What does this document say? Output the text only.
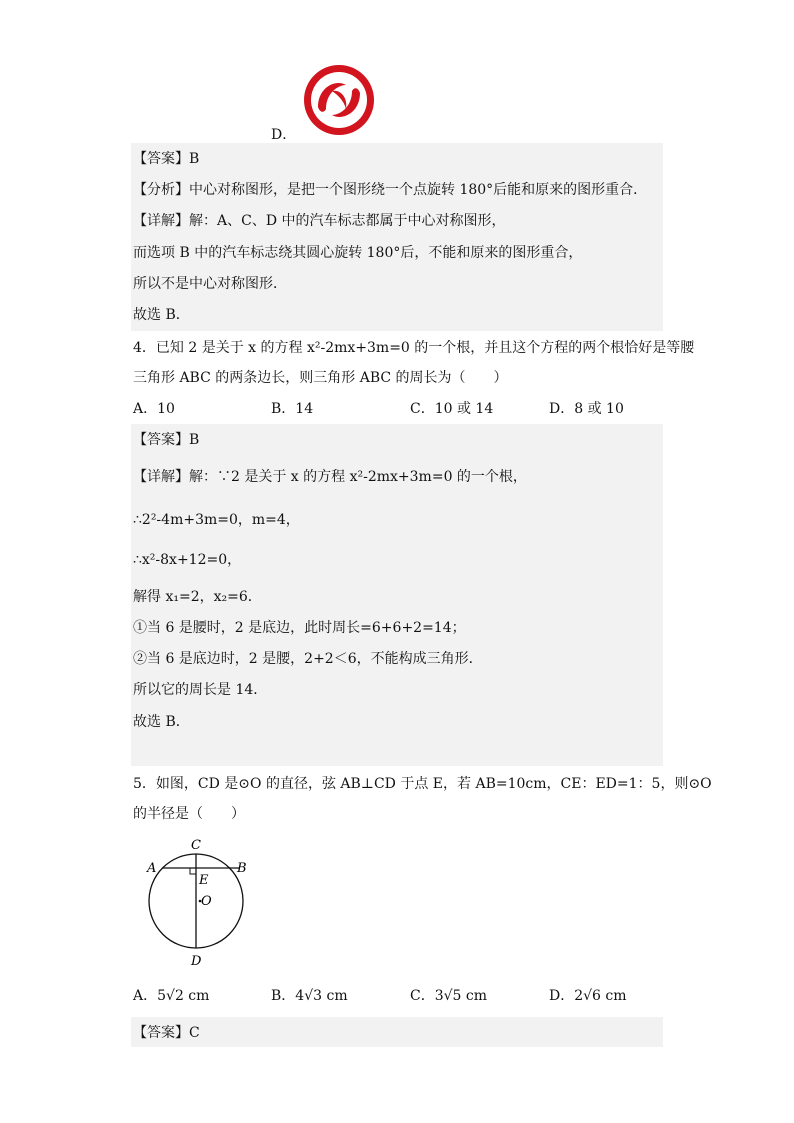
D．
【答案】B
【分析】中心对称图形，是把一个图形绕一个点旋转 180°后能和原来的图形重合．
【详解】解：A、C、D 中的汽车标志都属于中心对称图形，
而选项 B 中的汽车标志绕其圆心旋转 180°后，不能和原来的图形重合，
所以不是中心对称图形．
故选 B．
4．已知 2 是关于 x 的方程 x²-2mx+3m=0 的一个根，并且这个方程的两个根恰好是等腰
三角形 ABC 的两条边长，则三角形 ABC 的周长为（　　）
A．10	B．14	C．10 或 14	D．8 或 10
【答案】B
【详解】解：∵2 是关于 x 的方程 x²-2mx+3m=0 的一个根，
∴2²-4m+3m=0，m=4，
∴x²-8x+12=0，
解得 x₁=2，x₂=6．
①当 6 是腰时，2 是底边，此时周长=6+6+2=14；
②当 6 是底边时，2 是腰，2+2＜6，不能构成三角形．
所以它的周长是 14．
故选 B．
5．如图，CD 是⊙O 的直径，弦 AB⊥CD 于点 E，若 AB=10cm，CE：ED=1：5，则⊙O
的半径是（　　）
C
A	B
E
O
D
A．5√2 cm	B．4√3 cm	C．3√5 cm	D．2√6 cm
【答案】C
